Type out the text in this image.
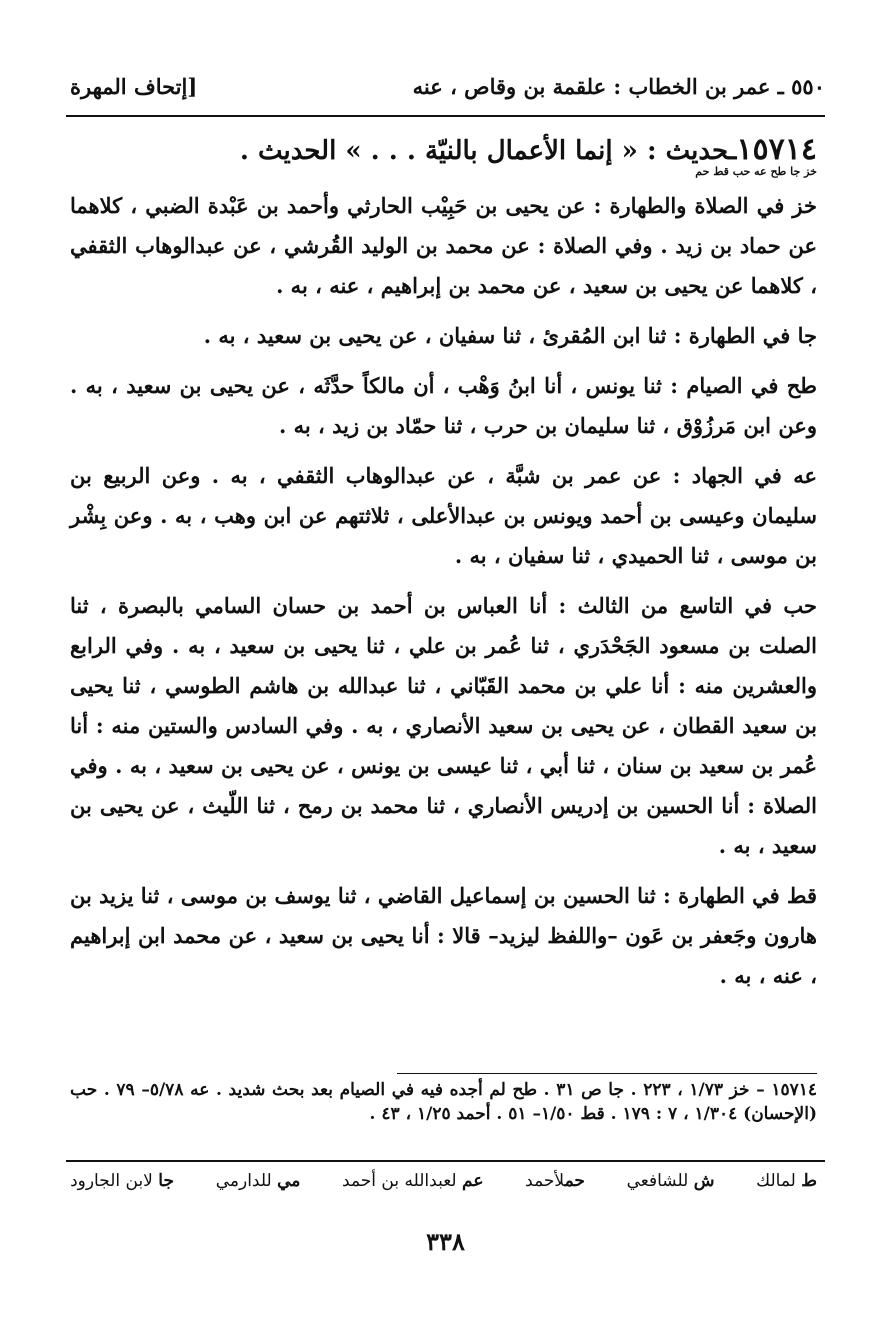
٥٥٠ ـ عمر بن الخطاب : علقمة بن وقاص ، عنه
[إتحاف المهرة
١٥٧١٤ـحديث : « إنما الأعمال بالنيّة . . . » الحديث .
خز جا طح عه حب قط حم

خز في الصلاة والطهارة : عن يحيى بن حَبِيْب الحارثي وأحمد بن عَبْدة الضبي ، كلاهما عن حماد بن زيد . وفي الصلاة : عن محمد بن الوليد القُرشي ، عن عبدالوهاب الثقفي ، كلاهما عن يحيى بن سعيد ، عن محمد بن إبراهيم ، عنه ، به .

جا في الطهارة : ثنا ابن المُقرئ ، ثنا سفيان ، عن يحيى بن سعيد ، به .

طح في الصيام : ثنا يونس ، أنا ابنُ وَهْب ، أن مالكاً حدَّثَه ، عن يحيى بن سعيد ، به . وعن ابن مَرزُوْق ، ثنا سليمان بن حرب ، ثنا حمّاد بن زيد ، به .

عه في الجهاد : عن عمر بن شبَّة ، عن عبدالوهاب الثقفي ، به . وعن الربيع بن سليمان وعيسى بن أحمد ويونس بن عبدالأعلى ، ثلاثتهم عن ابن وهب ، به . وعن بِشْر بن موسى ، ثنا الحميدي ، ثنا سفيان ، به .

حب في التاسع من الثالث : أنا العباس بن أحمد بن حسان السامي بالبصرة ، ثنا الصلت بن مسعود الجَحْدَري ، ثنا عُمر بن علي ، ثنا يحيى بن سعيد ، به . وفي الرابع والعشرين منه : أنا علي بن محمد القَبّاني ، ثنا عبدالله بن هاشم الطوسي ، ثنا يحيى بن سعيد القطان ، عن يحيى بن سعيد الأنصاري ، به . وفي السادس والستين منه : أنا عُمر بن سعيد بن سنان ، ثنا أبي ، ثنا عيسى بن يونس ، عن يحيى بن سعيد ، به . وفي الصلاة : أنا الحسين بن إدريس الأنصاري ، ثنا محمد بن رمح ، ثنا اللّيث ، عن يحيى بن سعيد ، به .

قط في الطهارة : ثنا الحسين بن إسماعيل القاضي ، ثنا يوسف بن موسى ، ثنا يزيد بن هارون وجَعفر بن عَون –واللفظ ليزيد– قالا : أنا يحيى بن سعيد ، عن محمد ابن إبراهيم ، عنه ، به .

١٥٧١٤ – خز ١/٧٣ ، ٢٢٣ . جا ص ٣١ . طح لم أجده فيه في الصيام بعد بحث شديد . عه ٥/٧٨– ٧٩ . حب (الإحسان) ١/٣٠٤ ، ٧ : ١٧٩ . قط ١/٥٠– ٥١ . أحمد ١/٢٥ ، ٤٣ .

ط لمالك
ش للشافعي
حملأحمد
عم لعبدالله بن أحمد
مي للدارمي
جا لابن الجارود
٣٣٨
